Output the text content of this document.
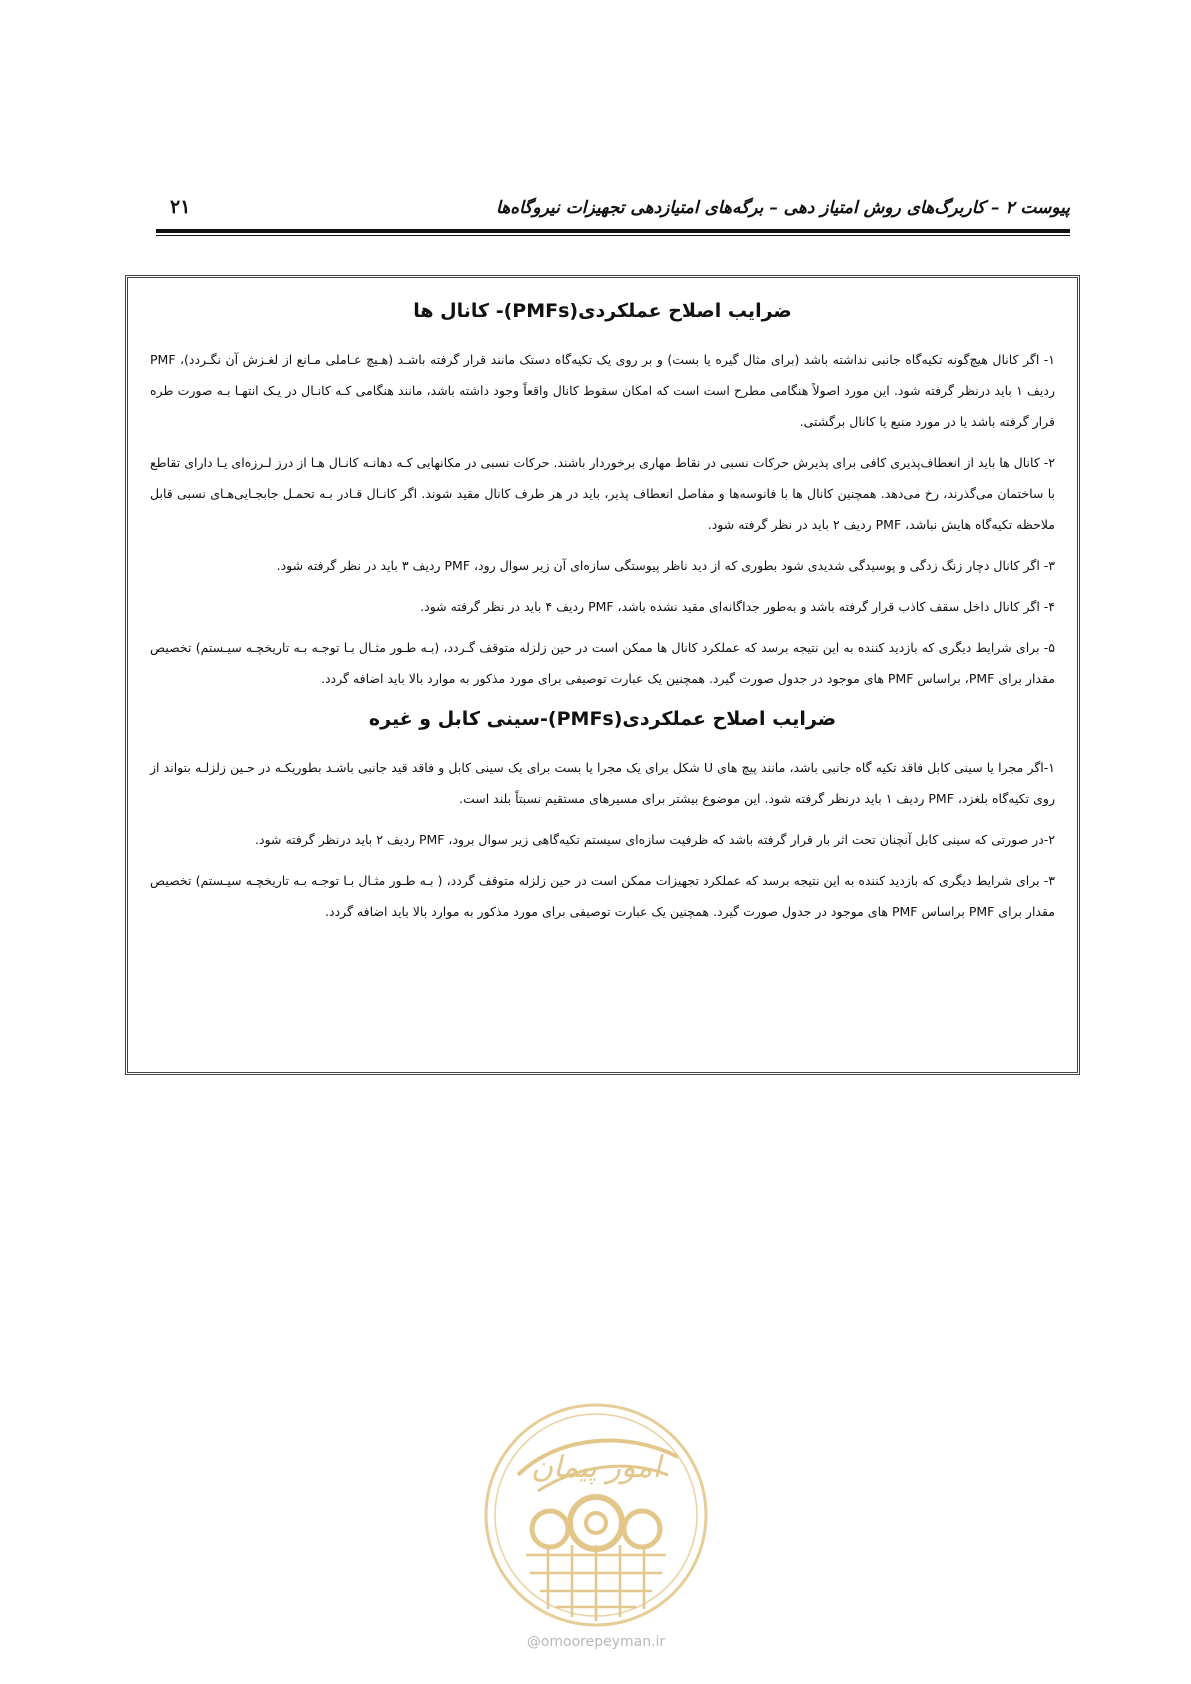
پیوست ۲ – کاربرگ‌های روش امتیاز دهی – برگه‌های امتیازدهی تجهیزات نیروگاه‌ها
۲۱
ضرایب اصلاح عملکردی(PMFs)- کانال ها

۱- اگر کانال هیچ‌گونه تکیه‌گاه جانبی نداشته باشد (برای مثال گیره یا بست) و بر روی یک تکیه‌گاه دستک مانند قرار گرفته باشـد (هـیچ عـاملی مـانع از لغـزش آن نگـردد)، PMF ردیف ۱ باید درنظر گرفته شود. این مورد اصولاً هنگامی مطرح است است که امکان سقوط کانال واقعاً وجود داشته باشد، مانند هنگامی کـه کانـال در یـک انتهـا بـه صورت طره قرار گرفته باشد یا در مورد منبع یا کانال برگشتی.

۲- کانال ها باید از انعطاف‌پذیری کافی برای پذیرش حرکات نسبی در نقاط مهاری برخوردار باشند. حرکات نسبی در مکانهایی کـه دهانـه کانـال هـا از درز لـرزه‌ای یـا دارای تقاطع با ساختمان می‌گذرند، رخ می‌دهد. همچنین کانال ها با فانوسه‌ها و مفاصل انعطاف پذیر، باید در هر طرف کانال مقید شوند. اگر کانـال قـادر بـه تحمـل جابجـایی‌هـای نسبی قابل ملاحظه تکیه‌گاه هایش نباشد، PMF ردیف ۲ باید در نظر گرفته شود.

۳- اگر کانال دچار زنگ زدگی و پوسیدگی شدیدی شود بطوری که از دید ناظر پیوستگی سازه‌ای آن زیر سوال رود، PMF ردیف ۳ باید در نظر گرفته شود.

۴- اگر کانال داخل سقف کاذب قرار گرفته باشد و به‌طور جداگانه‌ای مقید نشده باشد، PMF ردیف ۴ باید در نظر گرفته شود.

۵- برای شرایط دیگری که بازدید کننده به این نتیجه برسد که عملکرد کانال ها ممکن است در حین زلزله متوقف گـردد، (بـه طـور مثـال بـا توجـه بـه تاریخچـه سیـستم) تخصیص مقدار برای PMF، براساس PMF های موجود در جدول صورت گیرد. همچنین یک عبارت توصیفی برای مورد مذکور به موارد بالا باید اضافه گردد.

ضرایب اصلاح عملکردی(PMFs)-سینی کابل و غیره

۱-اگر مجرا یا سینی کابل فاقد تکیه گاه جانبی باشد، مانند پیچ های U شکل برای یک مجرا یا بست برای یک سینی کابل و فاقد قید جانبی باشـد بطوریکـه در حـین زلزلـه بتواند از روی تکیه‌گاه بلغزد، PMF ردیف ۱ باید درنظر گرفته شود. این موضوع بیشتر برای مسیرهای مستقیم نسبتاً بلند است.

۲-در صورتی که سینی کابل آنچنان تحت اثر بار قرار گرفته باشد که ظرفیت سازه‌ای سیستم تکیه‌گاهی زیر سوال برود، PMF ردیف ۲ باید درنظر گرفته شود.

۳- برای شرایط دیگری که بازدید کننده به این نتیجه برسد که عملکرد تجهیزات ممکن است در حین زلزله متوقف گردد، ( بـه طـور مثـال بـا توجـه بـه تاریخچـه سیـستم) تخصیص مقدار برای PMF براساس PMF های موجود در جدول صورت گیرد. همچنین یک عبارت توصیفی برای مورد مذکور به موارد بالا باید اضافه گردد.

امور پیمان
@omoorepeyman.ir
